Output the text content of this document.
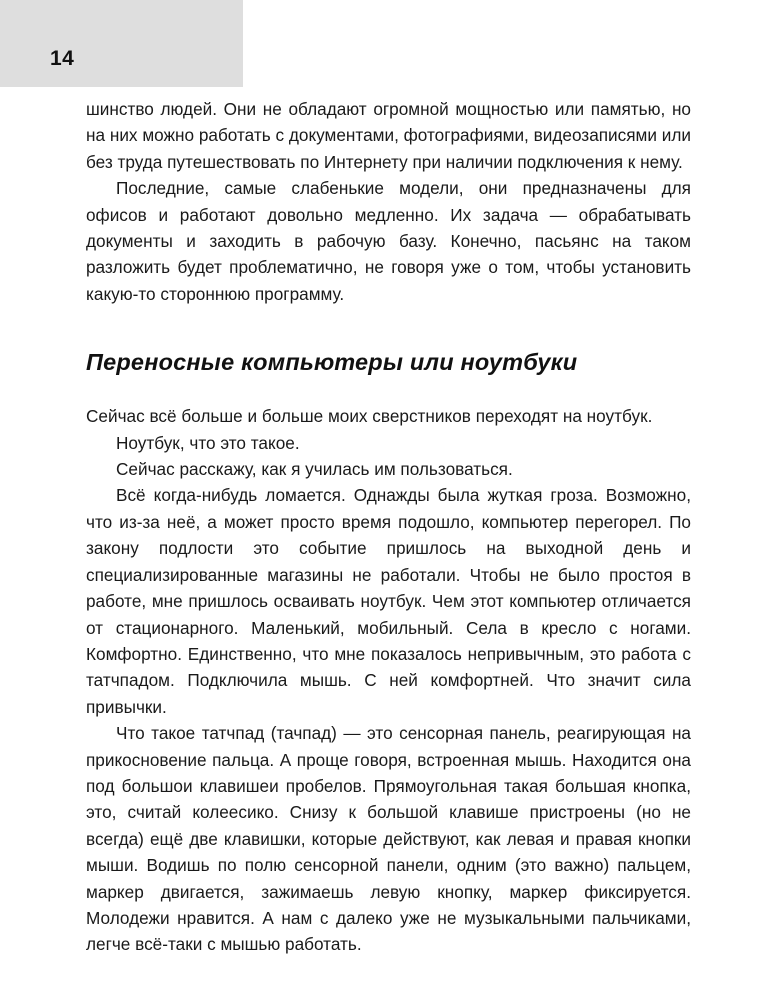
14

шинство людей. Они не обладают огромной мощностью или памятью, но на них можно работать с документами, фотографиями, видеозаписями или без труда путешествовать по Интернету при наличии подключения к нему.

Последние, самые слабенькие модели, они предназначены для офисов и работают довольно медленно. Их задача — обрабатывать документы и заходить в рабочую базу. Конечно, пасьянс на таком разложить будет проблематично, не говоря уже о том, чтобы установить какую-то стороннюю программу.

Переносные компьютеры или ноутбуки

Сейчас всё больше и больше моих сверстников переходят на ноутбук.

Ноутбук, что это такое.

Сейчас расскажу, как я училась им пользоваться.

Всё когда-нибудь ломается. Однажды была жуткая гроза. Возможно, что из-за неё, а может просто время подошло, компьютер перегорел. По закону подлости это событие пришлось на выходной день и специализированные магазины не работали. Чтобы не было простоя в работе, мне пришлось осваивать ноутбук. Чем этот компьютер отличается от стационарного. Маленький, мобильный. Села в кресло с ногами. Комфортно. Единственно, что мне показалось непривычным, это работа с татчпадом. Подключила мышь. С ней комфортней. Что значит сила привычки.

Что такое татчпад (тачпад) — это сенсорная панель, реагирующая на прикосновение пальца. А проще говоря, встроенная мышь. Находится она под большои клавишеи пробелов. Прямоугольная такая большая кнопка, это, считай колеесико. Снизу к большой клавише пристроены (но не всегда) ещё две клавишки, которые действуют, как левая и правая кнопки мыши. Водишь по полю сенсорной панели, одним (это важно) пальцем, маркер двигается, зажимаешь левую кнопку, маркер фиксируется. Молодежи нравится. А нам с далеко уже не музыкальными пальчиками, легче всё-таки с мышью работать.
